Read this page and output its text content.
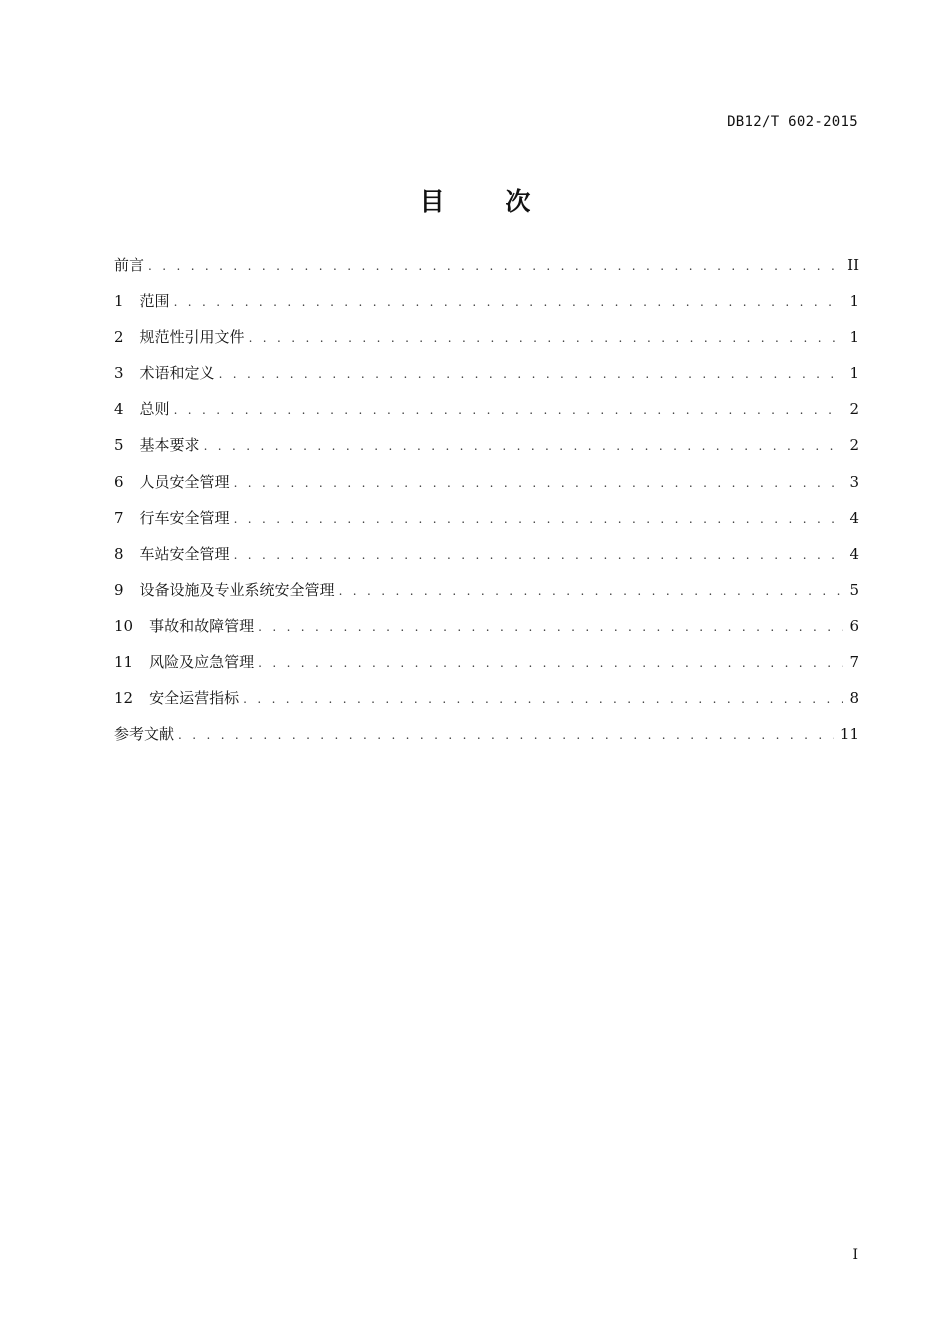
DB12/T 602-2015
目 次
前言 . . .	II
1 范围 . . .	1
2 规范性引用文件 . . .	1
3 术语和定义 . . .	1
4 总则 . . .	2
5 基本要求 . . .	2
6 人员安全管理 . . .	3
7 行车安全管理 . . .	4
8 车站安全管理 . . .	4
9 设备设施及专业系统安全管理 . . .	5
10 事故和故障管理 . . .	6
11 风险及应急管理 . . .	7
12 安全运营指标 . . .	8
参考文献 . . .	11
I
